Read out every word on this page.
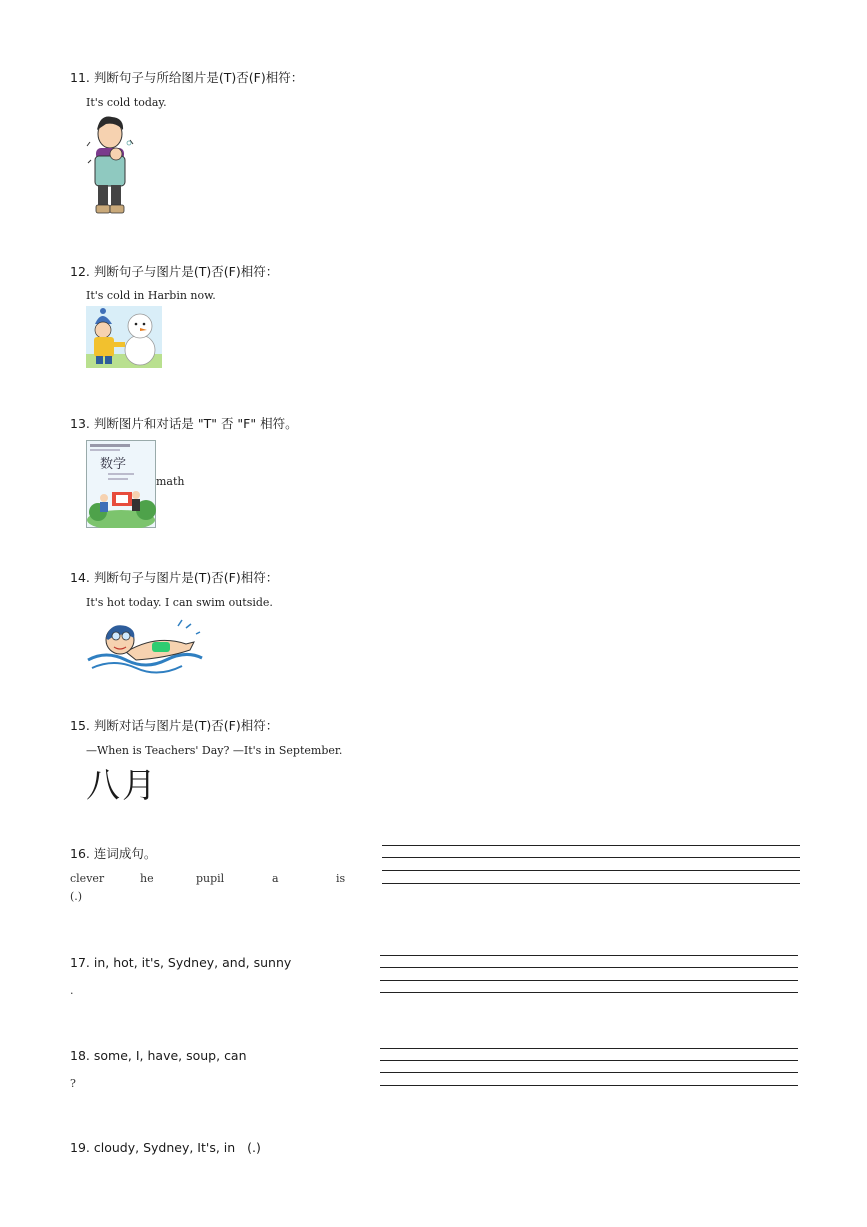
11. 判断句子与所给图片是(T)否(F)相符：
It's cold today.
12. 判断句子与图片是(T)否(F)相符：
It's cold in Harbin now.
13. 判断图片和对话是 "T" 否 "F" 相符。
数学
math
14. 判断句子与图片是(T)否(F)相符：
It's hot today. I can swim outside.
15. 判断对话与图片是(T)否(F)相符：
—When is Teachers' Day? —It's in September.
八月
16. 连词成句。
clever	he	pupil	a	is
(.)
17. in, hot, it's, Sydney, and, sunny
.
18. some, I, have, soup, can
?
19. cloudy, Sydney, It's, in   (.)
